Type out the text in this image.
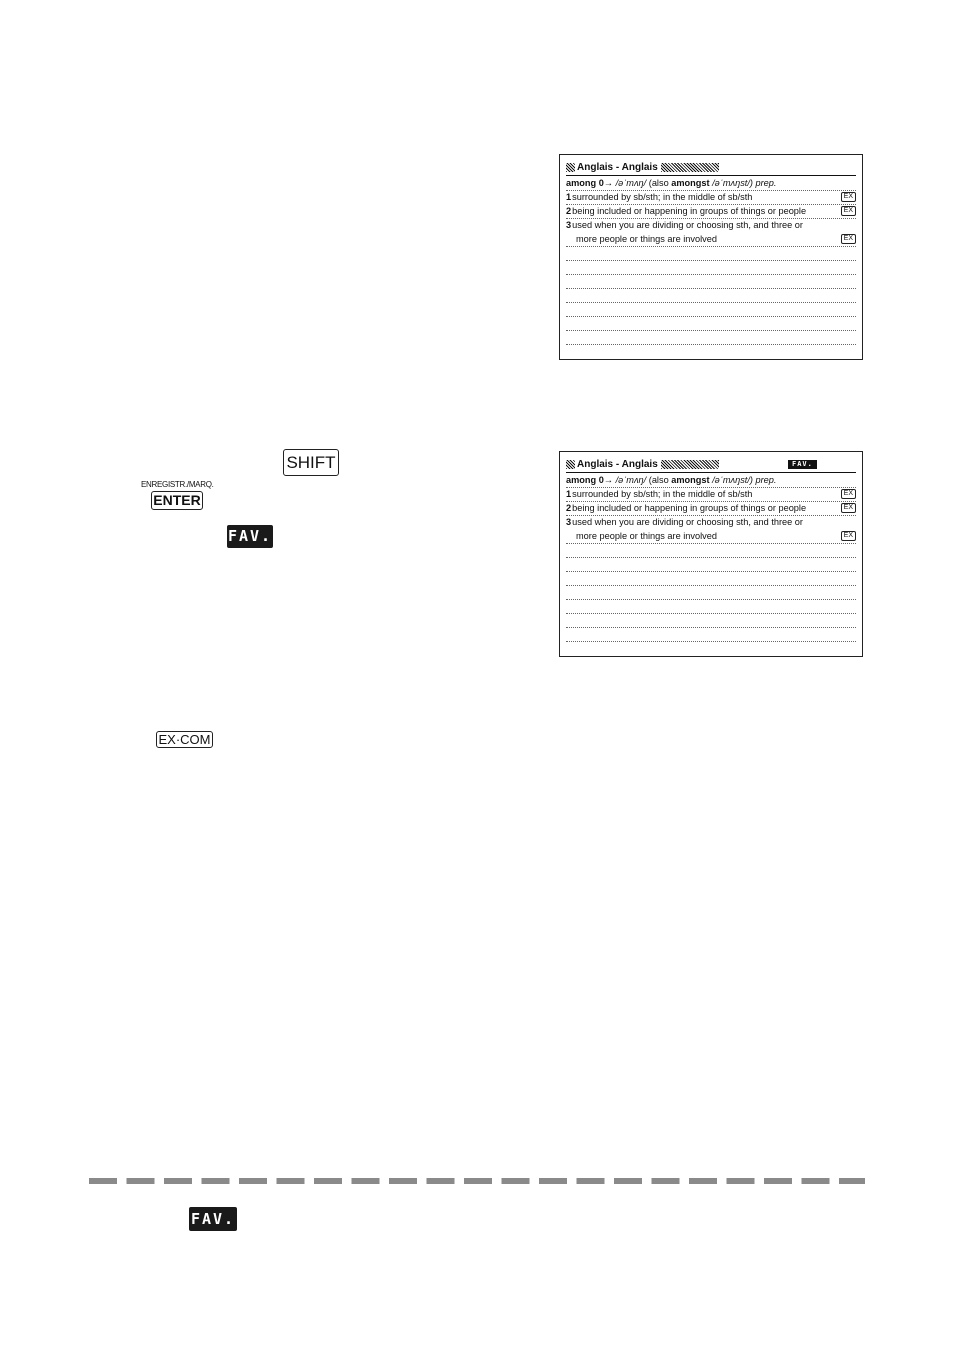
Anglais - Anglais
among 0→ /əˈmʌŋ/ (also amongst /əˈmʌŋst/) prep.
1surrounded by sb/sth; in the middle of sb/sth	EX
2being included or happening in groups of things or people	EX
3used when you are dividing or choosing sth, and three or
more people or things are involved	EX
Anglais - Anglais	FAV.
among 0→ /əˈmʌŋ/ (also amongst /əˈmʌŋst/) prep.
1surrounded by sb/sth; in the middle of sb/sth	EX
2being included or happening in groups of things or people	EX
3used when you are dividing or choosing sth, and three or
more people or things are involved	EX
SHIFT
ENREGISTR./MARQ.
ENTER
FAV.
EX·COM
FAV.
